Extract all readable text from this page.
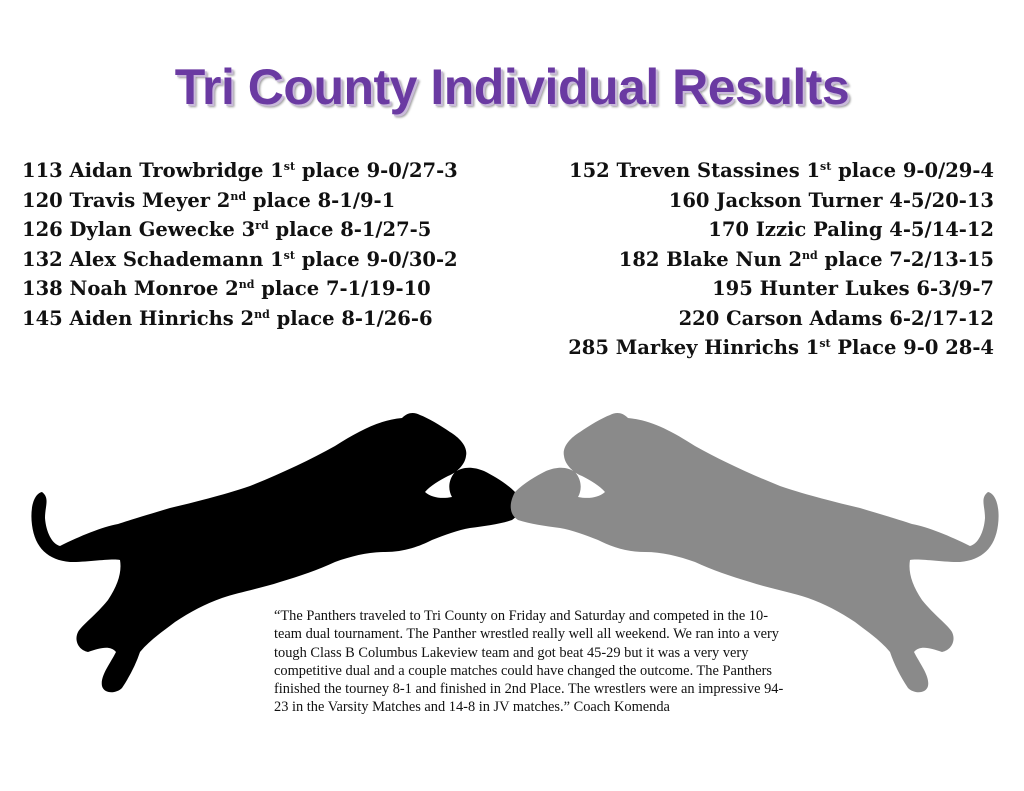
Tri County Individual Results
113 Aidan Trowbridge 1st place 9-0/27-3
120 Travis Meyer 2nd place 8-1/9-1
126 Dylan Gewecke 3rd place 8-1/27-5
132 Alex Schademann 1st place 9-0/30-2
138 Noah Monroe 2nd place 7-1/19-10
145 Aiden Hinrichs 2nd place 8-1/26-6
152 Treven Stassines 1st place 9-0/29-4
160 Jackson Turner 4-5/20-13
170 Izzic Paling 4-5/14-12
182 Blake Nun 2nd place 7-2/13-15
195 Hunter Lukes 6-3/9-7
220 Carson Adams 6-2/17-12
285 Markey Hinrichs 1st Place 9-0 28-4
“The Panthers traveled to Tri County on Friday and Saturday and competed in the 10-team dual tournament. The Panther wrestled really well all weekend. We ran into a very tough Class B Columbus Lakeview team and got beat 45-29 but it was a very very competitive dual and a couple matches could have changed the outcome. The Panthers finished the tourney 8-1 and finished in 2nd Place. The wrestlers were an impressive 94-23 in the Varsity Matches and 14-8 in JV matches.” Coach Komenda
